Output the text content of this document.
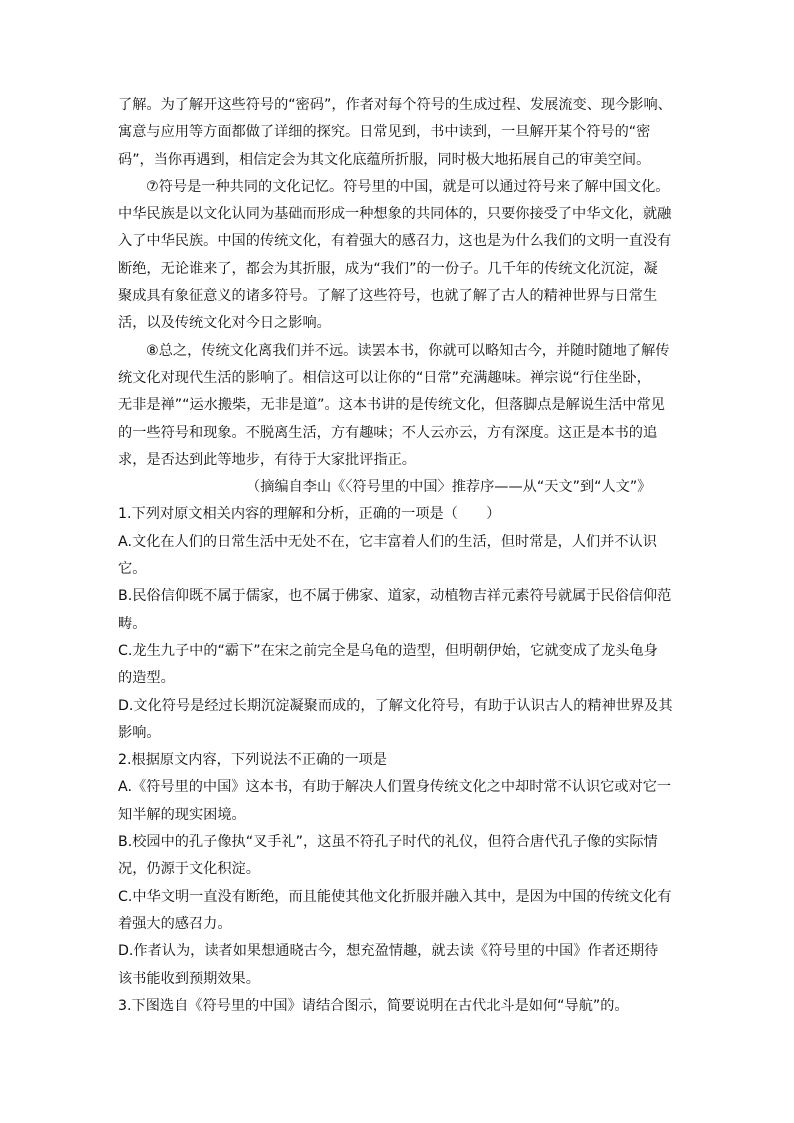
了解。为了解开这些符号的“密码”，作者对每个符号的生成过程、发展流变、现今影响、
寓意与应用等方面都做了详细的探究。日常见到，书中读到，一旦解开某个符号的“密
码”，当你再遇到，相信定会为其文化底蕴所折服，同时极大地拓展自己的审美空间。
⑦符号是一种共同的文化记忆。符号里的中国，就是可以通过符号来了解中国文化。
中华民族是以文化认同为基础而形成一种想象的共同体的，只要你接受了中华文化，就融
入了中华民族。中国的传统文化，有着强大的感召力，这也是为什么我们的文明一直没有
断绝，无论谁来了，都会为其折服，成为“我们”的一份子。几千年的传统文化沉淀，凝
聚成具有象征意义的诸多符号。了解了这些符号，也就了解了古人的精神世界与日常生
活，以及传统文化对今日之影响。
⑧总之，传统文化离我们并不远。读罢本书，你就可以略知古今，并随时随地了解传
统文化对现代生活的影响了。相信这可以让你的“日常”充满趣味。禅宗说“行住坐卧，
无非是禅”“运水搬柴，无非是道”。这本书讲的是传统文化，但落脚点是解说生活中常见
的一些符号和现象。不脱离生活，方有趣味；不人云亦云，方有深度。这正是本书的追
求，是否达到此等地步，有待于大家批评指正。
（摘编自李山《〈符号里的中国〉推荐序——从“天文”到“人文”》
1.下列对原文相关内容的理解和分析，正确的一项是（　　）
A.文化在人们的日常生活中无处不在，它丰富着人们的生活，但时常是，人们并不认识
它。
B.民俗信仰既不属于儒家，也不属于佛家、道家，动植物吉祥元素符号就属于民俗信仰范
畴。
C.龙生九子中的“霸下”在宋之前完全是乌龟的造型，但明朝伊始，它就变成了龙头龟身
的造型。
D.文化符号是经过长期沉淀凝聚而成的，了解文化符号，有助于认识古人的精神世界及其
影响。
2.根据原文内容，下列说法不正确的一项是
A.《符号里的中国》这本书，有助于解决人们置身传统文化之中却时常不认识它或对它一
知半解的现实困境。
B.校园中的孔子像执“叉手礼”，这虽不符孔子时代的礼仪，但符合唐代孔子像的实际情
况，仍源于文化积淀。
C.中华文明一直没有断绝，而且能使其他文化折服并融入其中，是因为中国的传统文化有
着强大的感召力。
D.作者认为，读者如果想通晓古今，想充盈情趣，就去读《符号里的中国》作者还期待
该书能收到预期效果。
3.下图选自《符号里的中国》请结合图示，简要说明在古代北斗是如何“导航”的。
